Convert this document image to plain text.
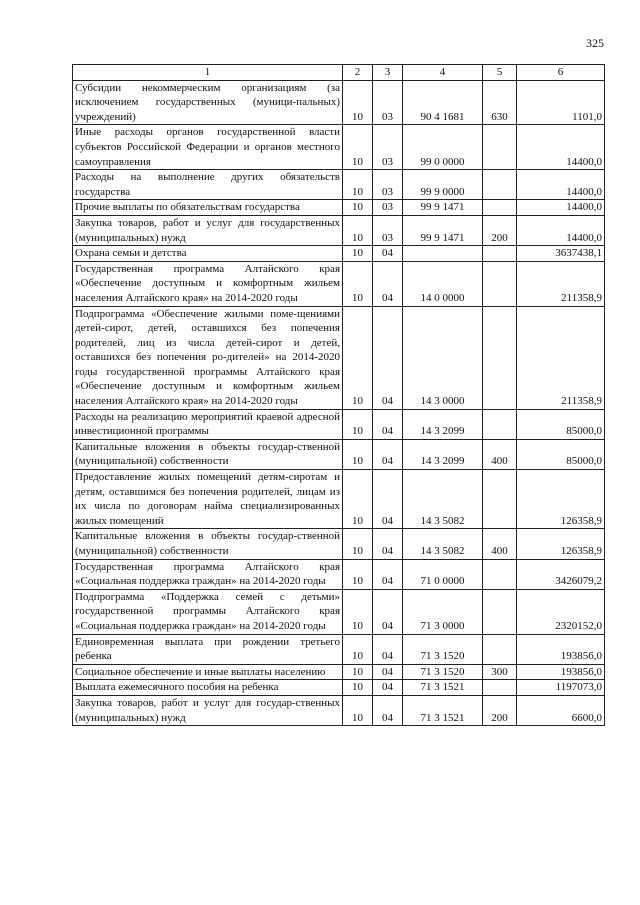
325
1	2	3	4	5	6
Субсидии некоммерческим организациям (за исключением государственных (муници-пальных) учреждений)	10	03	90 4 1681	630	1101,0
Иные расходы органов государственной власти субъектов Российской Федерации и органов местного самоуправления	10	03	99 0 0000		14400,0
Расходы на выполнение других обязательств государства	10	03	99 9 0000		14400,0
Прочие выплаты по обязательствам государства	10	03	99 9 1471		14400,0
Закупка товаров, работ и услуг для государственных (муниципальных) нужд	10	03	99 9 1471	200	14400,0
Охрана семьи и детства	10	04			3637438,1
Государственная программа Алтайского края «Обеспечение доступным и комфортным жильем населения Алтайского края» на 2014-2020 годы	10	04	14 0 0000		211358,9
Подпрограмма «Обеспечение жилыми поме-щениями детей-сирот, детей, оставшихся без попечения родителей, лиц из числа детей-сирот и детей, оставшихся без попечения ро-дителей» на 2014-2020 годы государственной программы Алтайского края «Обеспечение доступным и комфортным жильем населения Алтайского края» на 2014-2020 годы	10	04	14 3 0000		211358,9
Расходы на реализацию мероприятий краевой адресной инвестиционной программы	10	04	14 3 2099		85000,0
Капитальные вложения в объекты государ-ственной (муниципальной) собственности	10	04	14 3 2099	400	85000,0
Предоставление жилых помещений детям-сиротам и детям, оставшимся без попечения родителей, лицам из их числа по договорам найма специализированных жилых помещений	10	04	14 3 5082		126358,9
Капитальные вложения в объекты государ-ственной (муниципальной) собственности	10	04	14 3 5082	400	126358,9
Государственная программа Алтайского края «Социальная поддержка граждан» на 2014-2020 годы	10	04	71 0 0000		3426079,2
Подпрограмма «Поддержка семей с детьми» государственной программы Алтайского края «Социальная поддержка граждан» на 2014-2020 годы	10	04	71 3 0000		2320152,0
Единовременная выплата при рождении третьего ребенка	10	04	71 3 1520		193856,0
Социальное обеспечение и иные выплаты населению	10	04	71 3 1520	300	193856,0
Выплата ежемесячного пособия на ребенка	10	04	71 3 1521		1197073,0
Закупка товаров, работ и услуг для государ-ственных (муниципальных) нужд	10	04	71 3 1521	200	6600,0
